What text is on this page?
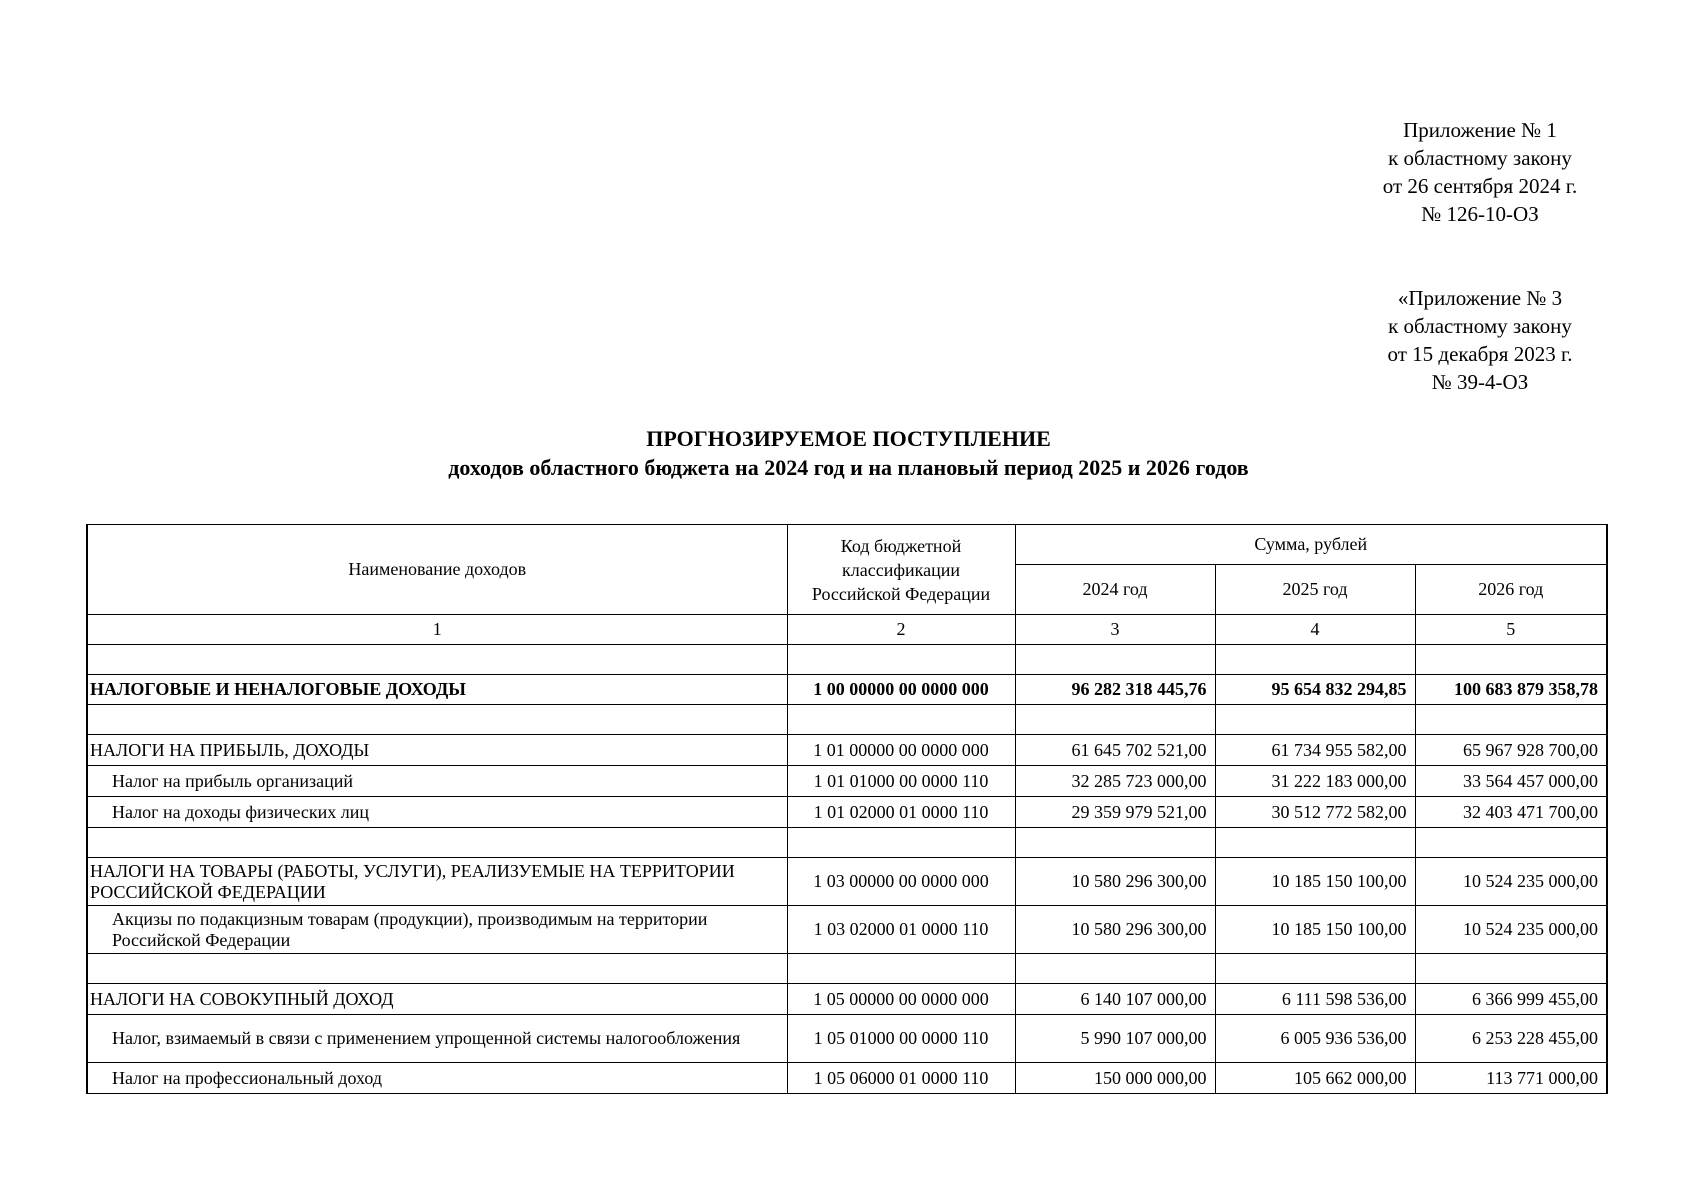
Приложение № 1
к областному закону
от 26 сентября 2024 г.
№ 126-10-ОЗ
«Приложение № 3
к областному закону
от 15 декабря 2023 г.
№ 39-4-ОЗ
ПРОГНОЗИРУЕМОЕ ПОСТУПЛЕНИЕ
доходов областного бюджета на 2024 год и на плановый период 2025 и 2026 годов
Наименование доходов	Код бюджетной классификации Российской Федерации	Сумма, рублей		
		2024 год	2025 год	2026 год
1	2	3	4	5

НАЛОГОВЫЕ И НЕНАЛОГОВЫЕ ДОХОДЫ	1 00 00000 00 0000 000	96 282 318 445,76	95 654 832 294,85	100 683 879 358,78

НАЛОГИ НА ПРИБЫЛЬ, ДОХОДЫ	1 01 00000 00 0000 000	61 645 702 521,00	61 734 955 582,00	65 967 928 700,00
Налог на прибыль организаций	1 01 01000 00 0000 110	32 285 723 000,00	31 222 183 000,00	33 564 457 000,00
Налог на доходы физических лиц	1 01 02000 01 0000 110	29 359 979 521,00	30 512 772 582,00	32 403 471 700,00

НАЛОГИ НА ТОВАРЫ (РАБОТЫ, УСЛУГИ), РЕАЛИЗУЕМЫЕ НА ТЕРРИТОРИИ РОССИЙСКОЙ ФЕДЕРАЦИИ	1 03 00000 00 0000 000	10 580 296 300,00	10 185 150 100,00	10 524 235 000,00
Акцизы по подакцизным товарам (продукции), производимым на территории Российской Федерации	1 03 02000 01 0000 110	10 580 296 300,00	10 185 150 100,00	10 524 235 000,00

НАЛОГИ НА СОВОКУПНЫЙ ДОХОД	1 05 00000 00 0000 000	6 140 107 000,00	6 111 598 536,00	6 366 999 455,00
Налог, взимаемый в связи с применением упрощенной системы налогообложения	1 05 01000 00 0000 110	5 990 107 000,00	6 005 936 536,00	6 253 228 455,00
Налог на профессиональный доход	1 05 06000 01 0000 110	150 000 000,00	105 662 000,00	113 771 000,00
